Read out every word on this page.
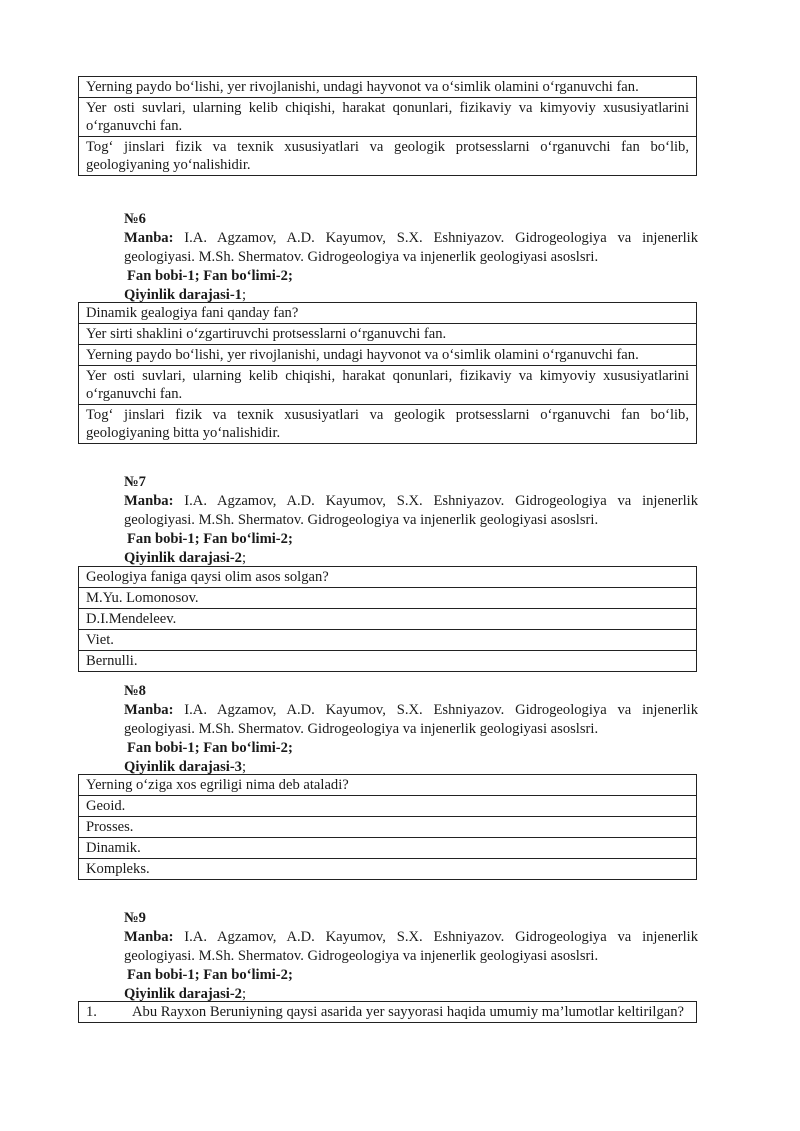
Yerning paydo bo‘lishi, yer rivojlanishi, undagi hayvonot va o‘simlik olamini o‘rganuvchi fan.
Yer osti suvlari, ularning kelib chiqishi, harakat qonunlari, fizikaviy va kimyoviy xususiyatlarini o‘rganuvchi fan.
Tog‘ jinslari fizik va texnik xususiyatlari va geologik protsesslarni o‘rganuvchi fan bo‘lib, geologiyaning yo‘nalishidir.
№6
Manba: I.A. Agzamov, A.D. Kayumov, S.X. Eshniyazov. Gidrogeologiya va injenerlik geologiyasi. M.Sh. Shermatov. Gidrogeologiya va injenerlik geologiyasi asoslsri.
Fan bobi-1; Fan bo‘limi-2;
Qiyinlik darajasi-1;
Dinamik gealogiya fani qanday fan?
Yer sirti shaklini o‘zgartiruvchi protsesslarni o‘rganuvchi fan.
Yerning paydo bo‘lishi, yer rivojlanishi, undagi hayvonot va o‘simlik olamini o‘rganuvchi fan.
Yer osti suvlari, ularning kelib chiqishi, harakat qonunlari, fizikaviy va kimyoviy xususiyatlarini o‘rganuvchi fan.
Tog‘ jinslari fizik va texnik xususiyatlari va geologik protsesslarni o‘rganuvchi fan bo‘lib, geologiyaning bitta yo‘nalishidir.
№7
Manba: I.A. Agzamov, A.D. Kayumov, S.X. Eshniyazov. Gidrogeologiya va injenerlik geologiyasi. M.Sh. Shermatov. Gidrogeologiya va injenerlik geologiyasi asoslsri.
Fan bobi-1; Fan bo‘limi-2;
Qiyinlik darajasi-2;
Geologiya faniga qaysi olim asos solgan?
M.Yu. Lomonosov.
D.I.Mendeleev.
Viet.
Bernulli.
№8
Manba: I.A. Agzamov, A.D. Kayumov, S.X. Eshniyazov. Gidrogeologiya va injenerlik geologiyasi. M.Sh. Shermatov. Gidrogeologiya va injenerlik geologiyasi asoslsri.
Fan bobi-1; Fan bo‘limi-2;
Qiyinlik darajasi-3;
Yerning o‘ziga xos egriligi nima deb ataladi?
Geoid.
Prosses.
Dinamik.
Kompleks.
№9
Manba: I.A. Agzamov, A.D. Kayumov, S.X. Eshniyazov. Gidrogeologiya va injenerlik geologiyasi. M.Sh. Shermatov. Gidrogeologiya va injenerlik geologiyasi asoslsri.
Fan bobi-1; Fan bo‘limi-2;
Qiyinlik darajasi-2;
1. Abu Rayxon Beruniyning qaysi asarida yer sayyorasi haqida umumiy ma’lumotlar keltirilgan?
